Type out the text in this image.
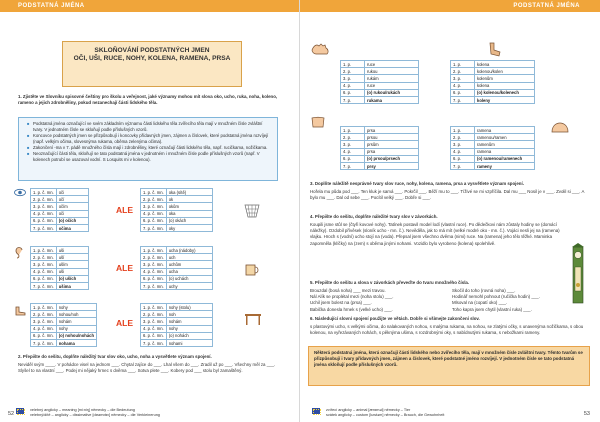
PODSTATNÁ JMÉNA
SKLOŇOVÁNÍ PODSTATNÝCH JMEN
OČI, UŠI, RUCE, NOHY, KOLENA, RAMENA, PRSA

1. Zjistěte ve Slovníku spisovné češtiny pro školu a veřejnost, jaké významy mohou mít slova oko, ucho, ruka, noha, koleno, rameno a jejich zdrobněliny, pokud nezanechají části lidského těla.

■ Podstatná jména označující ve svém základním významu části lidského těla zvířecího těla mají v množném čísle zvláštní tvary. V jednotném čísle se skloňují podle příslušných vzorů.

■ Koncovce podstatných jmen se přizpůsobují i koncovky přídavných jmen, zájmen a číslovek, které podstatná jména rozvíjejí (např. velkým očima, slovesnýma rukama, oběma zelenýma očima).

■ Zakončení -ma v 7. pádě množného čísla mají i zdrobněliny, které označují části lidského těla, např. rucičkama, nožičkama.

■ Neoznačující části těla, skloňují se tato podstatná jména v jednotném i množném čísle podle příslušných vzorů (např. V kolenech potrubí se usazoval vodní. S Losquits mi v kolenou).

1. p. č. mn.	oči
2. p. č. mn.	očí
3. p. č. mn.	očím
4. p. č. mn.	oči
6. p. č. mn.	(o) očích
7. p. č. mn.	očima
ALE
1. p. č. mn.	oka (sítě)
2. p. č. mn.	ok
3. p. č. mn.	okům
4. p. č. mn.	oka
6. p. č. mn.	(o) okách
7. p. č. mn.	oky
1. p. č. mn.	uši
2. p. č. mn.	uší
3. p. č. mn.	uším
4. p. č. mn.	uši
6. p. č. mn.	(o) uších
7. p. č. mn.	ušima
ALE
1. p. č. mn.	ucha (nádoby)
2. p. č. mn.	uch
3. p. č. mn.	uchům
4. p. č. mn.	ucha
6. p. č. mn.	(o) uchách
7. p. č. mn.	uchy
1. p. č. mn.	nohy
2. p. č. mn.	nohou/noh
3. p. č. mn.	nohám
4. p. č. mn.	nohy
6. p. č. mn.	(o) nohou/nohách
7. p. č. mn.	nohama
ALE
1. p. č. mn.	nohy (stolu)
2. p. č. mn.	noh
3. p. č. mn.	nohám
4. p. č. mn.	nohy
6. p. č. mn.	(o) nohách
7. p. č. mn.	nohami

2. Přepište do sešitu, doplňte náležitý tvar slov oko, ucho, noha a vysvětlete význam spojení.

Neviděl svým ____. V pohádce visel na jednom ___. Chytal zajíce do ___. Lhal všem do ___. Zradil už po ___. Všechny měl za ___. Slyšel to na vlastní ___. Podej mi nějaký hrnec s dvěma ___. Sotva plete ___. Kobery pod ___ stolu byl zamaštěný.

velebný anglicky – meaning [mi:niŋ] německy – die Bedeutung
velebný/dítě – anglicky – dissimative [dɪsɪmɪtɪv] německy – die Verkleinerung
52
PODSTATNÁ JMÉNA
1. p.	ruce
2. p.	rukou
3. p.	rukám
4. p.	ruce
6. p.	(o) rukou/rukách
7. p.	rukama
1. p.	kolena
2. p.	kolenou/kolen
3. p.	kolenům
4. p.	kolena
6. p.	(o) kolenou/kolenech
7. p.	koleny
1. p.	prsa
2. p.	prsou
3. p.	prsům
4. p.	prsa
6. p.	(o) prsou/prsech
7. p.	prsy
1. p.	ramena
2. p.	ramenou/ramen
3. p.	ramenům
4. p.	ramena
6. p.	(o) ramenou/ramenech
7. p.	rameny

3. Doplňte náležitě nesprávné tvary slov ruce, nohy, kolena, ramena, prsa a vysvětlete význam spojení.

Hořela mu půda pod ___. Ten kluk je samá ___. Pokrčil ___. Běží mu to ___. Tíživé se mi vzpříčila. Dal mu ___ Nosil je v ___. Zvolil si ___. A bylo mu ___. Dal od sebe ___. Pocítil velký ___. Dobře si ___.

4. Přepište do sešitu, doplňte náležité tvary slov v závorkách.

Koupili jsme stůl se (čtyři kovové nohy). Tatínek postavil model lodí (vlastní ruce). Po dědečkovi nám zůstaly hodiny se (domácí náležky). Ozdobil přívěsek (sloník ucho - mn. č.). Nevěděla, jak to má mít (velké modré oko - mn. č.). Vojáci nesli jej na (ramena) vlajku. Hroch s (vodní) ucho stojí na (voda). Přepsal jsem všechno dvěma (nimi) ruce. Na (ramena) jeho tělo těžké. Maminka zapomněla (klíčky) na (zem) s oběma jinými nohami. Vozidlo bylo vyrobeno (kolena) spolehlivě.

5. Přepište do sešitu a slova v závorkách převeďte do tvaru množného čísla.

Brouzdal (bosá noha) ___ mezi travou.
Nál Alík se proplétal mezi (noha stolu) ___.
Uchil jsem bolest na (prsa) ___.
Babička donesla hrnek s (velké ucho) ___.
Skočil do toho (rovná noha) ___.
Hodinář nemohl pohnout (ručička hodin) ___.
Mlsoval na (copatí oko) ___.
Toho kapra jsem chytil (vlastní ruka) ___.

6. Následující slovní spojení použijte ve větách. Dobře si všímejte zakončení slov.

s plastovými ucho, s velkými očima, do nalakovaných nohou, s malýma rukama, na nohou, se zlatými očky, s unavenýma nožičkama, s obou kolenou, na vyřezávaných nohách, s pěknýma ušima, s rozdrobnými oky, s nabídnutými rukama, s nebožkami rameny.

Některá podstatná jména, která označují části lidského nebo zvířecího těla, mají v množném čísle zvláštní tvary. Těmto tvarům se přizpůsobují i tvary přídavných jmen, zájmen a číslovek, které podstatné jméno rozvíjejí. V jednotném čísle se tato podstatná jména skloňují podle příslušných vzorů.
zvířecí anglicky – animal [ænɪməl] německy – Tier
svátek anglicky – custom [kʌstəm] německy – Brauch, die Gewohnheit	53
